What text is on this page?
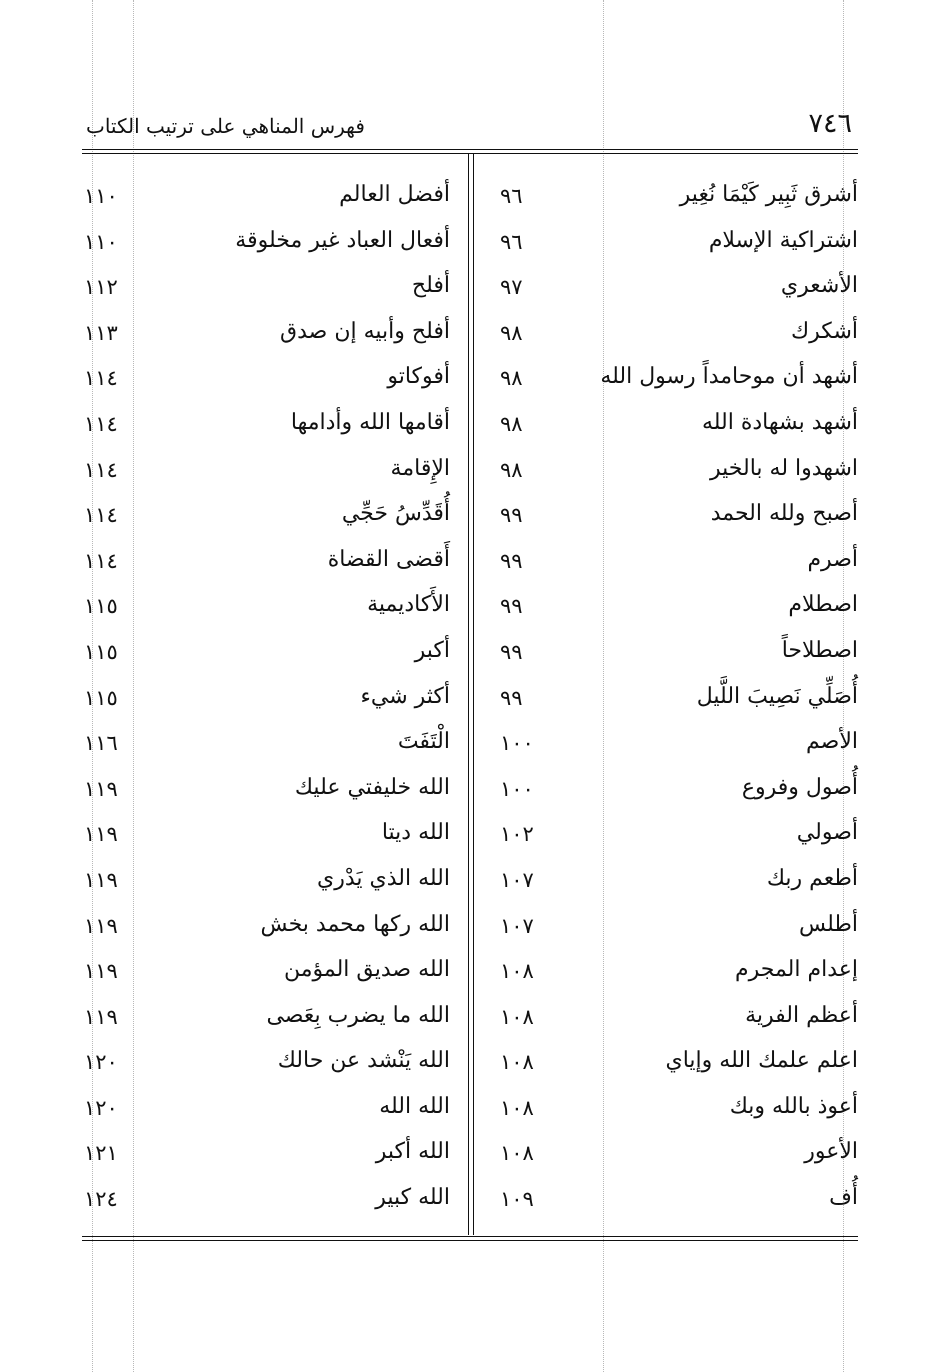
٧٤٦
فهرس المناهي على ترتيب الكتاب
أشرق ثَبِير كَيْمَا نُغِير
٩٦
اشتراكية الإسلام
٩٦
الأشعري
٩٧
أشكرك
٩٨
أشهد أن موحامداً رسول الله
٩٨
أشهد بشهادة الله
٩٨
اشهدوا له بالخير
٩٨
أصبح ولله الحمد
٩٩
أصرم
٩٩
اصطلام
٩٩
اصطلاحاً
٩٩
أُصَلِّي نَصِيبَ اللَّيل
٩٩
الأصم
١٠٠
أُصول وفروع
١٠٠
أصولي
١٠٢
أطعم ربك
١٠٧
أطلس
١٠٧
إعدام المجرم
١٠٨
أعظم الفرية
١٠٨
اعلم علمك الله وإياي
١٠٨
أعوذ بالله وبك
١٠٨
الأعور
١٠٨
أُف
١٠٩
أفضل العالم
١١٠
أفعال العباد غير مخلوقة
١١٠
أفلح
١١٢
أفلح وأبيه إن صدق
١١٣
أفوكاتو
١١٤
أقامها الله وأدامها
١١٤
الإِقامة
١١٤
أُقَدِّسُ حَجِّي
١١٤
أَقضى القضاة
١١٤
الأَكاديمية
١١٥
أكبر
١١٥
أكثر شيء
١١٥
الْتَفَتَ
١١٦
الله خليفتي عليك
١١٩
الله ديتا
١١٩
الله الذي يَدْري
١١٩
الله ركها محمد بخش
١١٩
الله صديق المؤمن
١١٩
الله ما يضرب بِعَصى
١١٩
الله يَنْشد عن حالك
١٢٠
الله الله
١٢٠
الله أكبر
١٢١
الله كبير
١٢٤
